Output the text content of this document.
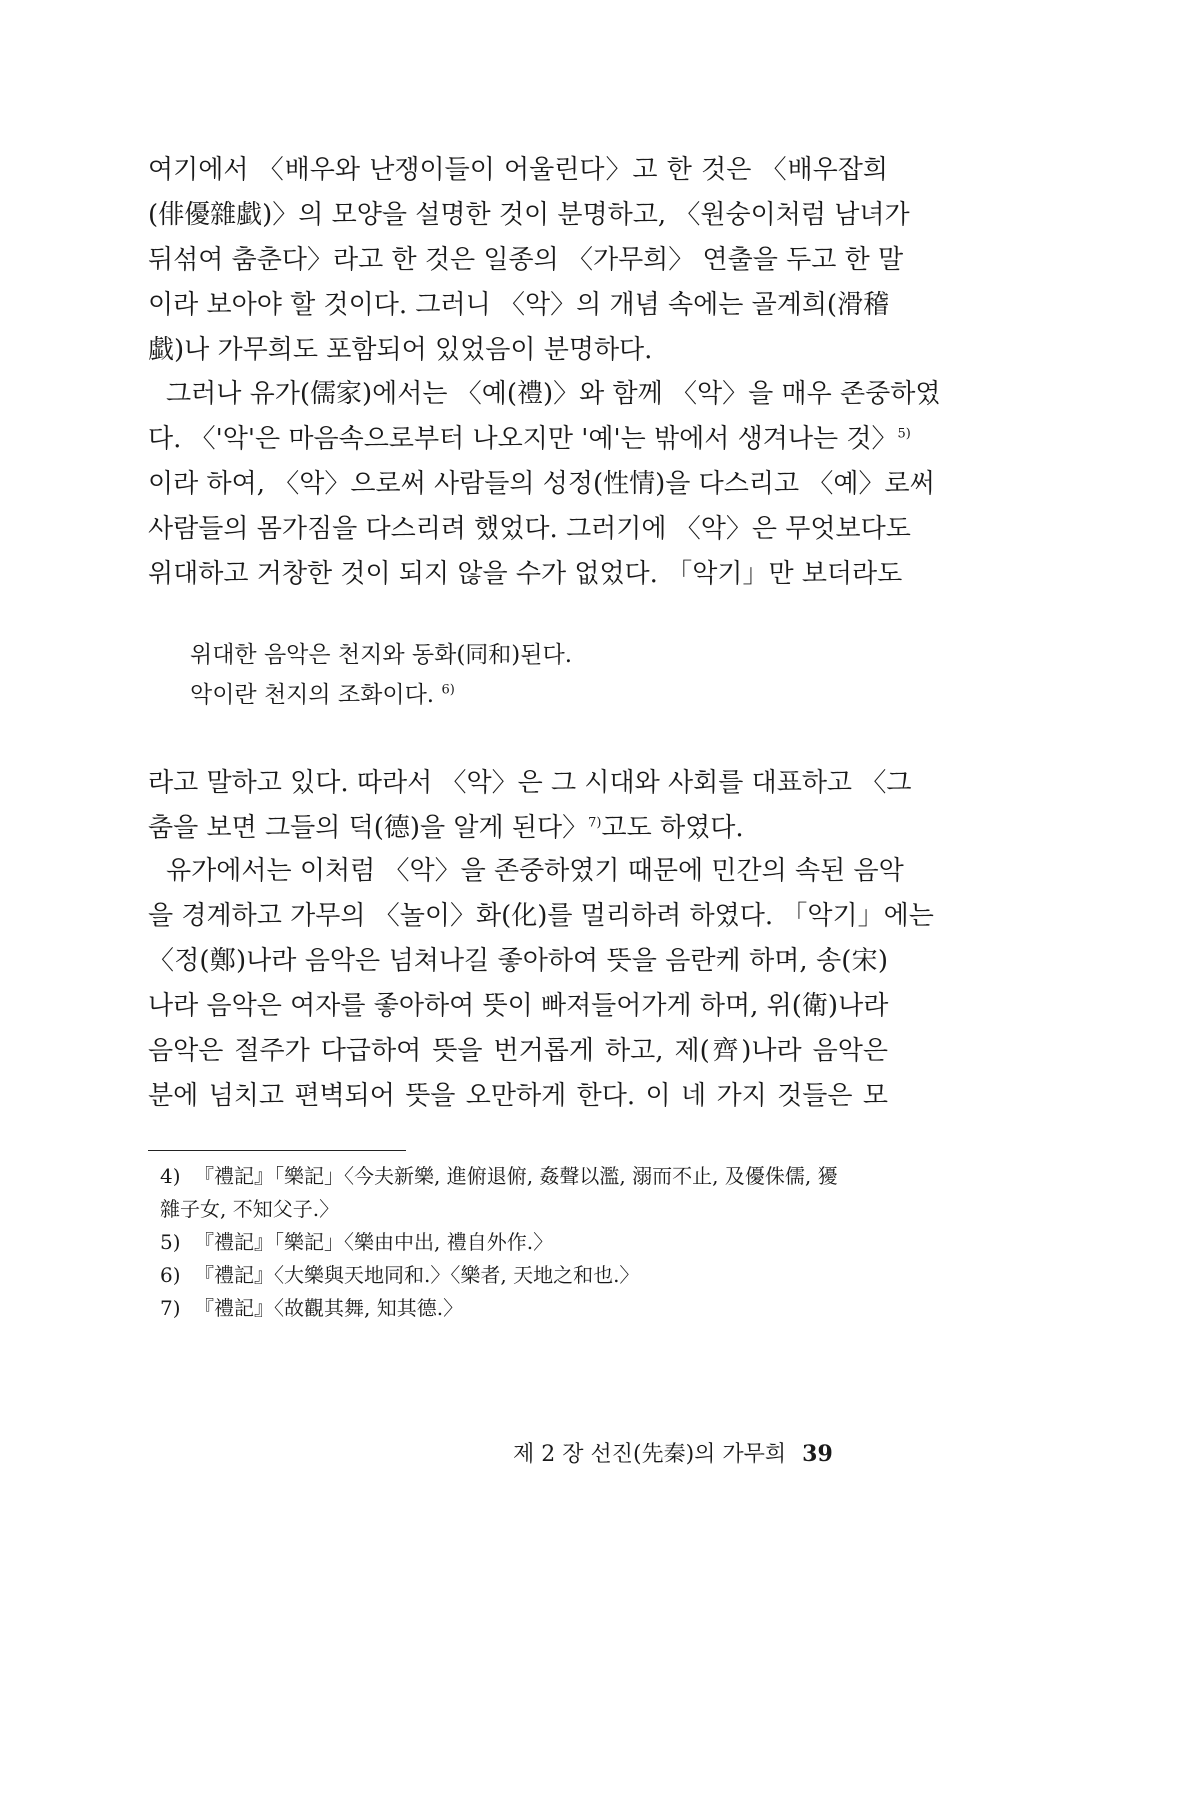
여기에서 〈배우와 난쟁이들이 어울린다〉고 한 것은 〈배우잡희
(俳優雜戱)〉의 모양을 설명한 것이 분명하고, 〈원숭이처럼 남녀가
뒤섞여 춤춘다〉라고 한 것은 일종의 〈가무희〉 연출을 두고 한 말
이라 보아야 할 것이다. 그러니 〈악〉의 개념 속에는 골계희(滑稽
戱)나 가무희도 포함되어 있었음이 분명하다.
그러나 유가(儒家)에서는 〈예(禮)〉와 함께 〈악〉을 매우 존중하였
다. 〈'악'은 마음속으로부터 나오지만 '예'는 밖에서 생겨나는 것〉$^{5)}$
이라 하여, 〈악〉으로써 사람들의 성정(性情)을 다스리고 〈예〉로써
사람들의 몸가짐을 다스리려 했었다. 그러기에 〈악〉은 무엇보다도
위대하고 거창한 것이 되지 않을 수가 없었다. 「악기」만 보더라도
위대한 음악은 천지와 동화(同和)된다.
악이란 천지의 조화이다. $^{6)}$
라고 말하고 있다. 따라서 〈악〉은 그 시대와 사회를 대표하고 〈그
춤을 보면 그들의 덕(德)을 알게 된다〉$^{7)}$고도 하였다.
유가에서는 이처럼 〈악〉을 존중하였기 때문에 민간의 속된 음악
을 경계하고 가무의 〈놀이〉화(化)를 멀리하려 하였다. 「악기」에는
〈정(鄭)나라 음악은 넘쳐나길 좋아하여 뜻을 음란케 하며, 송(宋)
나라 음악은 여자를 좋아하여 뜻이 빠져들어가게 하며, 위(衛)나라
음악은 절주가 다급하여 뜻을 번거롭게 하고, 제(齊)나라 음악은
분에 넘치고 편벽되어 뜻을 오만하게 한다. 이 네 가지 것들은 모
4) 『禮記』「樂記」〈今夫新樂, 進俯退俯, 姦聲以濫, 溺而不止, 及優侏儒, 獶
雜子女, 不知父子.〉
5) 『禮記』「樂記」〈樂由中出, 禮自外作.〉
6) 『禮記』〈大樂與天地同和.〉〈樂者, 天地之和也.〉
7) 『禮記』〈故觀其舞, 知其德.〉
제 2 장 선진(先秦)의 가무희 39
